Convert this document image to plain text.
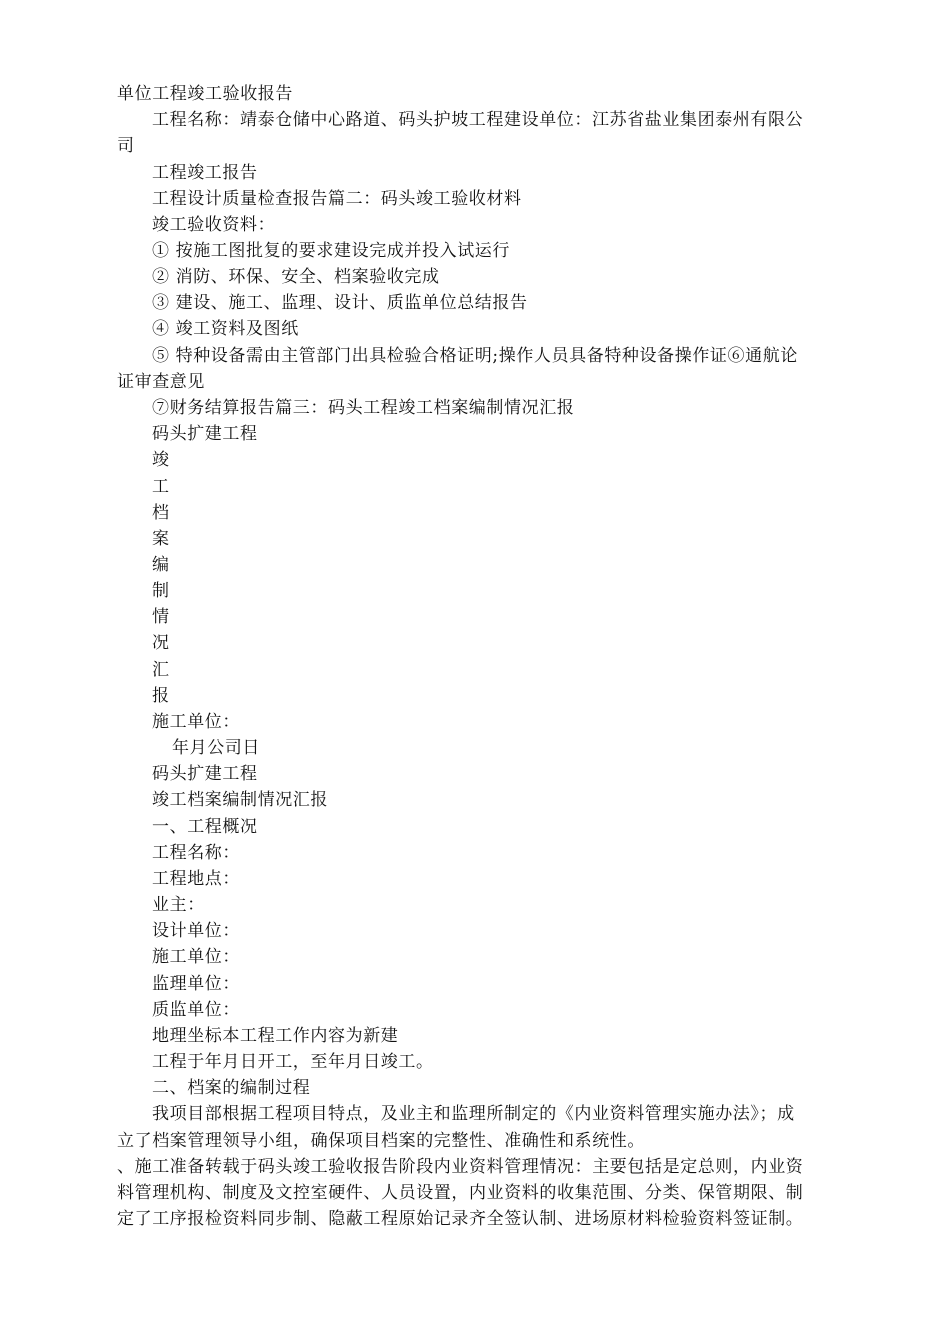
单位工程竣工验收报告
工程名称：靖泰仓储中心路道、码头护坡工程建设单位：江苏省盐业集团泰州有限公
司
工程竣工报告
工程设计质量检查报告篇二：码头竣工验收材料
竣工验收资料：
① 按施工图批复的要求建设完成并投入试运行
② 消防、环保、安全、档案验收完成
③ 建设、施工、监理、设计、质监单位总结报告
④ 竣工资料及图纸
⑤ 特种设备需由主管部门出具检验合格证明;操作人员具备特种设备操作证⑥通航论
证审查意见
⑦财务结算报告篇三：码头工程竣工档案编制情况汇报
码头扩建工程
竣
工
档
案
编
制
情
况
汇
报
施工单位：
年月公司日
码头扩建工程
竣工档案编制情况汇报
一、工程概况
工程名称：
工程地点：
业主：
设计单位：
施工单位：
监理单位：
质监单位：
地理坐标本工程工作内容为新建
工程于年月日开工，至年月日竣工。
二、档案的编制过程
我项目部根据工程项目特点，及业主和监理所制定的《内业资料管理实施办法》；成
立了档案管理领导小组，确保项目档案的完整性、准确性和系统性。
、施工准备转载于码头竣工验收报告阶段内业资料管理情况：主要包括是定总则，内业资
料管理机构、制度及文控室硬件、人员设置，内业资料的收集范围、分类、保管期限、制
定了工序报检资料同步制、隐蔽工程原始记录齐全签认制、进场原材料检验资料签证制。
